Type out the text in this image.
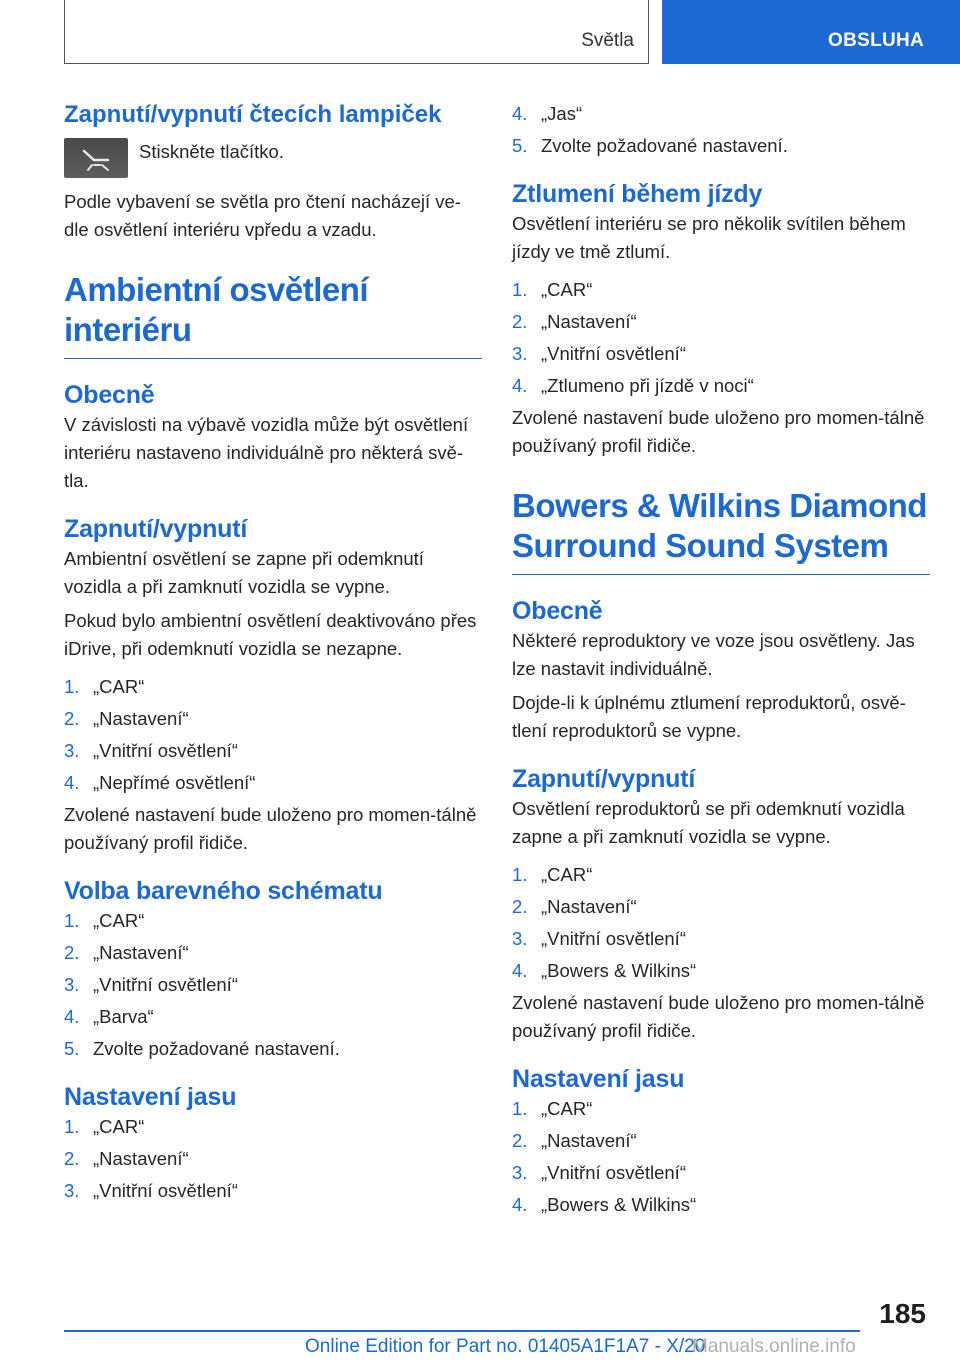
Světla	OBSLUHA
Zapnutí/vypnutí čtecích lampiček

Stiskněte tlačítko.

Podle vybavení se světla pro čtení nacházejí ve-dle osvětlení interiéru vpředu a vzadu.

Ambientní osvětlení
interiéru
Obecně

V závislosti na výbavě vozidla může být osvětlení interiéru nastaveno individuálně pro některá svě-tla.

Zapnutí/vypnutí

Ambientní osvětlení se zapne při odemknutí vozidla a při zamknutí vozidla se vypne.

Pokud bylo ambientní osvětlení deaktivováno přes iDrive, při odemknutí vozidla se nezapne.

1. „CAR“
2. „Nastavení“
3. „Vnitřní osvětlení“
4. „Nepřímé osvětlení“

Zvolené nastavení bude uloženo pro momen-tálně používaný profil řidiče.

Volba barevného schématu
1. „CAR“
2. „Nastavení“
3. „Vnitřní osvětlení“
4. „Barva“
5. Zvolte požadované nastavení.
Nastavení jasu
1. „CAR“
2. „Nastavení“
3. „Vnitřní osvětlení“
4. „Jas“
5. Zvolte požadované nastavení.
Ztlumení během jízdy

Osvětlení interiéru se pro několik svítilen během jízdy ve tmě ztlumí.

1. „CAR“
2. „Nastavení“
3. „Vnitřní osvětlení“
4. „Ztlumeno při jízdě v noci“

Zvolené nastavení bude uloženo pro momen-tálně používaný profil řidiče.

Bowers & Wilkins Diamond
Surround Sound System
Obecně

Některé reproduktory ve voze jsou osvětleny. Jas lze nastavit individuálně.

Dojde-li k úplnému ztlumení reproduktorů, osvě-tlení reproduktorů se vypne.

Zapnutí/vypnutí

Osvětlení reproduktorů se při odemknutí vozidla zapne a při zamknutí vozidla se vypne.

1. „CAR“
2. „Nastavení“
3. „Vnitřní osvětlení“
4. „Bowers & Wilkins“

Zvolené nastavení bude uloženo pro momen-tálně používaný profil řidiče.

Nastavení jasu
1. „CAR“
2. „Nastavení“
3. „Vnitřní osvětlení“
4. „Bowers & Wilkins“
185
Online Edition for Part no. 01405A1F1A7 - X/20
Manuals.online.info
